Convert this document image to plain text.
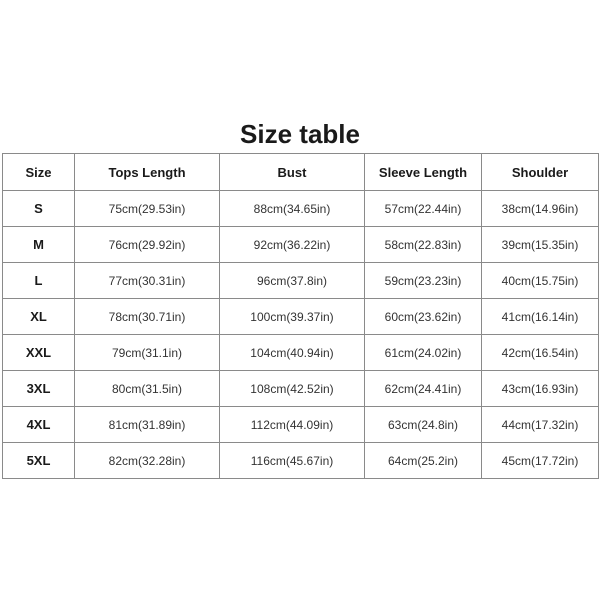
Size table
Size	Tops Length	Bust	Sleeve Length	Shoulder
S	75cm(29.53in)	88cm(34.65in)	57cm(22.44in)	38cm(14.96in)
M	76cm(29.92in)	92cm(36.22in)	58cm(22.83in)	39cm(15.35in)
L	77cm(30.31in)	96cm(37.8in)	59cm(23.23in)	40cm(15.75in)
XL	78cm(30.71in)	100cm(39.37in)	60cm(23.62in)	41cm(16.14in)
XXL	79cm(31.1in)	104cm(40.94in)	61cm(24.02in)	42cm(16.54in)
3XL	80cm(31.5in)	108cm(42.52in)	62cm(24.41in)	43cm(16.93in)
4XL	81cm(31.89in)	112cm(44.09in)	63cm(24.8in)	44cm(17.32in)
5XL	82cm(32.28in)	116cm(45.67in)	64cm(25.2in)	45cm(17.72in)
